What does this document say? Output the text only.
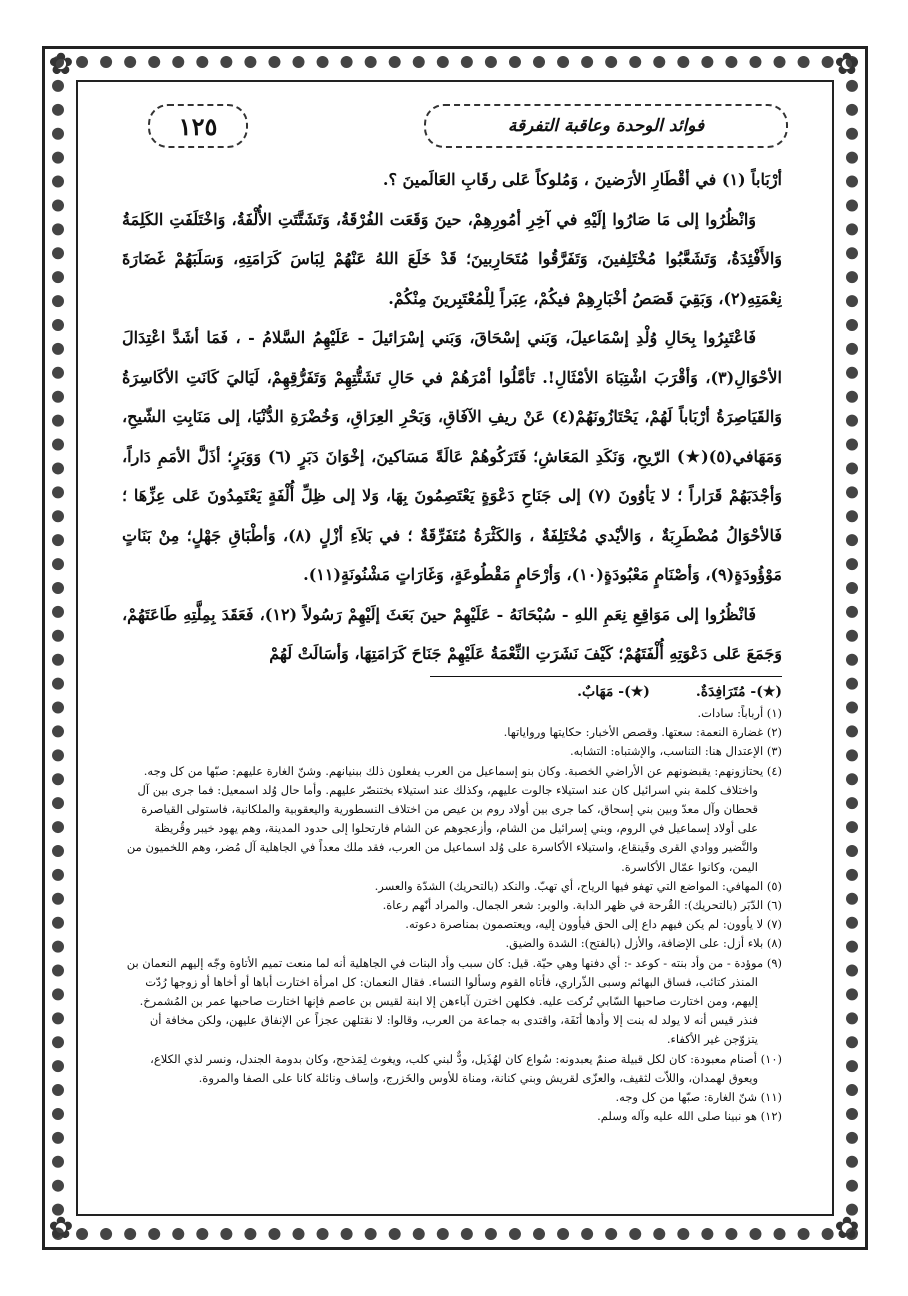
✿	✿
✿	✿
فوائد الوحدة وعاقبة التفرقة
١٢٥

أرْبَاباً (١) في أقْطَارِ الأرَضينَ ، وَمُلوكاً عَلى رقَابِ العَالَمينَ ؟.

وَانْظُرُوا إلى مَا صَارُوا إلَيْهِ في آخِرِ أمُورِهِمْ، حينَ وَقَعَت الفُرْقَةُ، وَتَشَتَّتَتِ الأُلْفَةُ، وَاخْتَلَفَتِ الكَلِمَةُ وَالأَفْئِدَةُ، وَتَشَعَّبُوا مُخْتَلِفينَ، وَتَفَرَّقُوا مُتَحَارِبينَ؛ قَدْ خَلَعَ اللهُ عَنْهُمْ لِبَاسَ كَرَامَتِهِ، وَسَلَبَهُمْ غَضَارَةَ نِعْمَتِهِ(٢)، وَبَقِيَ قَصَصُ أخْبَارِهِمْ فيكُمْ، عِبَراً لِلْمُعْتَبِرينَ مِنْكُمْ.

فَاعْتَبِرُوا بِحَالِ وُلْدِ إسْمَاعيلَ، وَبَني إسْحَاقَ، وَبَني إسْرَائيلَ - عَلَيْهِمُ السَّلامُ - ، فَمَا أشَدَّ اعْتِدَالَ الأحْوَالِ(٣)، وَأقْرَبَ اشْتِبَاهَ الأمْثَالِ!. تَأمَّلُوا أمْرَهُمْ في حَالِ تَشَتُّتِهِمْ وَتَفَرُّقِهِمْ، لَيَاليَ كَانَتِ الأكَاسِرَةُ وَالقَيَاصِرَةُ أرْبَاباً لَهُمْ، يَحْتَازُونَهُمْ(٤) عَنْ ريفِ الآفَاقِ، وَبَحْرِ العِرَاقِ، وَخُضْرَةِ الدُّنْيَا، إلى مَنَابِتِ الشّيحِ، وَمَهَافي(٥)(★) الرّيحِ، وَنَكَدِ المَعَاشِ؛ فَتَرَكُوهُمْ عَالَةً مَسَاكينَ، إخْوَانَ دَبَرٍ (٦) وَوَبَرٍ؛ أذَلَّ الأمَمِ دَاراً، وَأجْدَبَهُمْ قَرَاراً ؛ لا يَأوُونَ (٧) إلى جَنَاحِ دَعْوَةٍ يَعْتَصِمُونَ بِهَا، وَلا إلى ظِلِّ أُلْفَةٍ يَعْتَمِدُونَ عَلى عِزِّهَا ؛ فَالأحْوَالُ مُضْطَرِبَةٌ ، وَالأيْدي مُخْتَلِفَةٌ ، وَالكَثْرَةُ مُتَفَرِّقَةٌ ؛ في بَلاَءِ أزْلٍ (٨)، وَأطْبَاقِ جَهْلٍ؛ مِنْ بَنَاتٍ مَوْؤُودَةٍ(٩)، وَأصْنَامٍ مَعْبُودَةٍ(١٠)، وَأرْحَامٍ مَقْطُوعَةٍ، وَغَارَاتٍ مَشْنُونَةٍ(١١).

فَانْظُرُوا إلى مَوَاقِعِ نِعَمِ اللهِ - سُبْحَانَهُ - عَلَيْهِمْ حينَ بَعَثَ إلَيْهِمْ رَسُولاً (١٢)، فَعَقَدَ بِمِلَّتِهِ طَاعَتَهُمْ، وَجَمَعَ عَلى دَعْوَتِهِ أُلْفَتَهُمْ؛ كَيْفَ نَشَرَتِ النِّعْمَةُ عَلَيْهِمْ جَنَاحَ كَرَامَتِهَا، وَأسَالَتْ لَهُمْ

(★)- مُتَرَافِدَةٌ.(★)- مَهَابٌ.

(١) أرباباً: سادات.

(٢) غضارة النعمة: سعتها. وقصص الأخبار: حكايتها ورواياتها.

(٣) الإعتدال هنا: التناسب، والإشتباه: التشابه.

(٤) يحتازونهم: يقبضونهم عن الأراضي الخصبة. وكان بنو إسماعيل من العرب يفعلون ذلك ببنيانهم. وشنّ الغارة عليهم: صبّها من كل وجه. واختلاف كلمة بني اسرائيل كان عند استيلاء جالوت عليهم، وكذلك عند استيلاء بختنصّر عليهم. وأما حال وُلد اسمعيل: فما جرى بين آل قحطان وآل معدّ وبين بني إسحاق، كما جرى بين أولاد روم بن عيص من اختلاف النسطورية واليعقوبية والملكانية، فاستولى القياصرة على أولاد إسماعيل في الروم، وبني إسرائيل من الشام، وأزعجوهم عن الشام فارتحلوا إلى حدود المدينة، وهم يهود خيبر وقُريظة والنَّضير ووادي القرى وقَينقاع، واستيلاء الأكاسرة على وُلد اسماعيل من العرب، فقد ملك معداً في الجاهلية آل مُضر، وهم اللخميون من اليمن، وكانوا عمّال الأكاسرة.

(٥) المهافي: المواضع التي تهفو فيها الرياح، أي تهبّ. والنكد (بالتحريك) الشدّة والعسر.

(٦) الدّبَر (بالتحريك): القُرحة في ظهر الدابة. والوبر: شعر الجمال. والمراد أنّهم رعاة.

(٧) لا يأوون: لم يكن فيهم داع إلى الحق فيأوون إليه، ويعتصمون بمناصرة دعوته.

(٨) بلاء أزل: على الإضافة، والأزل (بالفتح): الشدة والضيق.

(٩) موؤدة - من وأد بنته - كوعد -: أي دفنها وهي حيّة. قيل: كان سبب وأد البنات في الجاهلية أنه لما منعت تميم الأتاوة وجّه إليهم النعمان بن المنذر كتائب، فساق البهائم وسبى الذّراري، فأتاه القوم وسألوا النساء. فقال النعمان: كل امرأة اختارت أباها أو أخاها أو زوجها رُدّت إليهم، ومن اختارت صاحبها السّابي تُركت عليه. فكلهن اخترن آباءهن إلا ابنة لقيس بن عاصم فإنها اختارت صاحبها عمر بن المُشمرخ. فنذر قيس أنه لا يولد له بنت إلا وأدها أنَفَة، واقتدى به جماعة من العرب، وقالوا: لا نقتلهن عجزاً عن الإنفاق عليهن، ولكن مخافة أن يتزوّجن غير الأكفاء.

(١٠) أصنام معبودة: كان لكل قبيلة صنمٌ يعبدونه: سُواع كان لهُذَيل، ودٌّ لبني كلب، ويغوث لِمَذحج، وكان بدومة الجندل، ونسر لذي الكلاع، ويعوق لهمدان، واللاّت لثقيف، والعزّى لقريش وبني كنانة، ومناة للأوس والخَزرج، وإساف ونائلة كانا على الصفا والمروة.

(١١) شنّ الغارة: صبّها من كل وجه.

(١٢) هو نبينا صلى الله عليه وآله وسلم.
